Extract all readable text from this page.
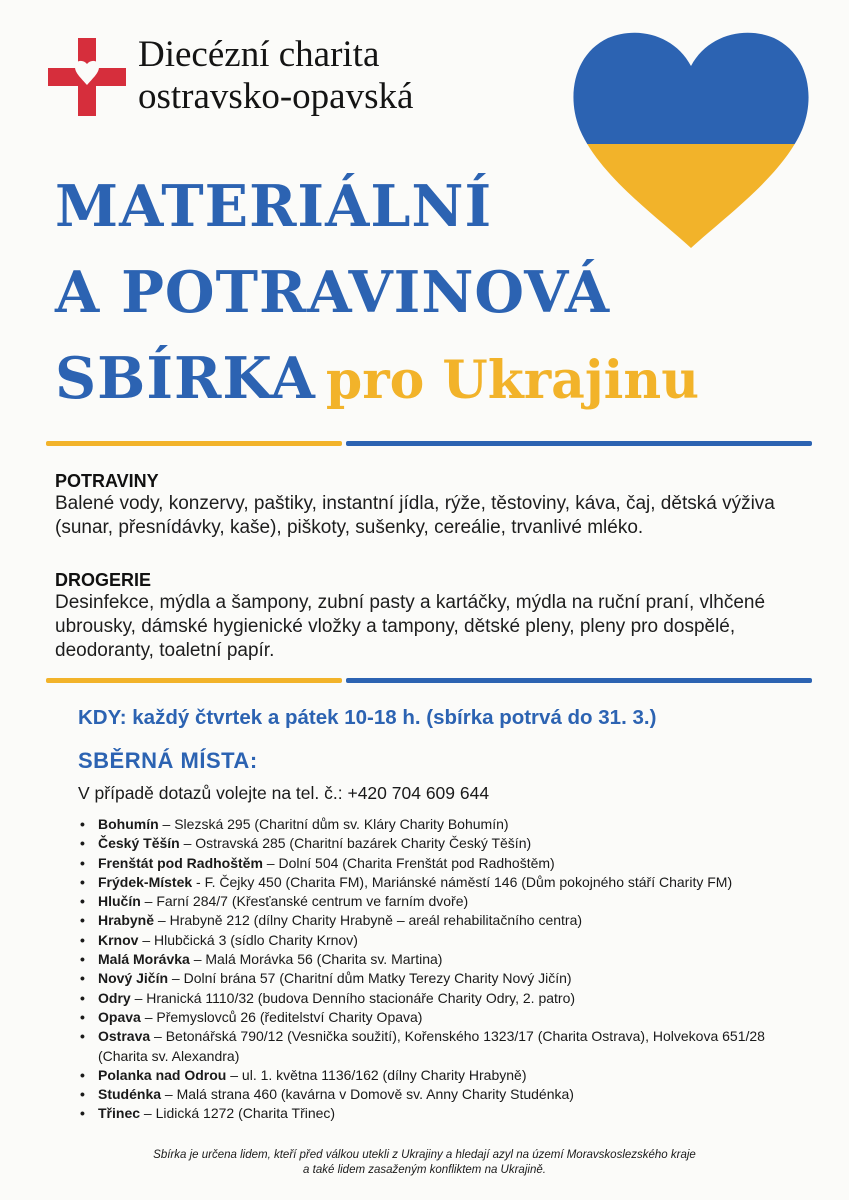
Diecézní charita
ostravsko-opavská
MATERIÁLNÍ
A POTRAVINOVÁ
SBÍRKA pro Ukrajinu
POTRAVINY

Balené vody, konzervy, paštiky, instantní jídla, rýže, těstoviny, káva, čaj, dětská výživa (sunar, přesnídávky, kaše), piškoty, sušenky, cereálie, trvanlivé mléko.

DROGERIE

Desinfekce, mýdla a šampony, zubní pasty a kartáčky, mýdla na ruční praní, vlhčené ubrousky, dámské hygienické vložky a tampony, dětské pleny, pleny pro dospělé, deodoranty, toaletní papír.

KDY: každý čtvrtek a pátek 10-18 h. (sbírka potrvá do 31. 3.)
SBĚRNÁ MÍSTA:
V případě dotazů volejte na tel. č.: +420 704 609 644
• Bohumín – Slezská 295 (Charitní dům sv. Kláry Charity Bohumín)
• Český Těšín – Ostravská 285 (Charitní bazárek Charity Český Těšín)
• Frenštát pod Radhoštěm – Dolní 504 (Charita Frenštát pod Radhoštěm)
• Frýdek-Místek - F. Čejky 450 (Charita FM), Mariánské náměstí 146 (Dům pokojného stáří Charity FM)
• Hlučín – Farní 284/7 (Křesťanské centrum ve farním dvoře)
• Hrabyně – Hrabyně 212 (dílny Charity Hrabyně – areál rehabilitačního centra)
• Krnov – Hlubčická 3 (sídlo Charity Krnov)
• Malá Morávka – Malá Morávka 56 (Charita sv. Martina)
• Nový Jičín – Dolní brána 57 (Charitní dům Matky Terezy Charity Nový Jičín)
• Odry – Hranická 1110/32 (budova Denního stacionáře Charity Odry, 2. patro)
• Opava – Přemyslovců 26 (ředitelství Charity Opava)
• Ostrava – Betonářská 790/12 (Vesnička soužití), Kořenského 1323/17 (Charita Ostrava), Holvekova 651/28 (Charita sv. Alexandra)
• Polanka nad Odrou – ul. 1. května 1136/162 (dílny Charity Hrabyně)
• Studénka – Malá strana 460 (kavárna v Domově sv. Anny Charity Studénka)
• Třinec – Lidická 1272 (Charita Třinec)
Sbírka je určena lidem, kteří před válkou utekli z Ukrajiny a hledají azyl na území Moravskoslezského kraje
a také lidem zasaženým konfliktem na Ukrajině.
